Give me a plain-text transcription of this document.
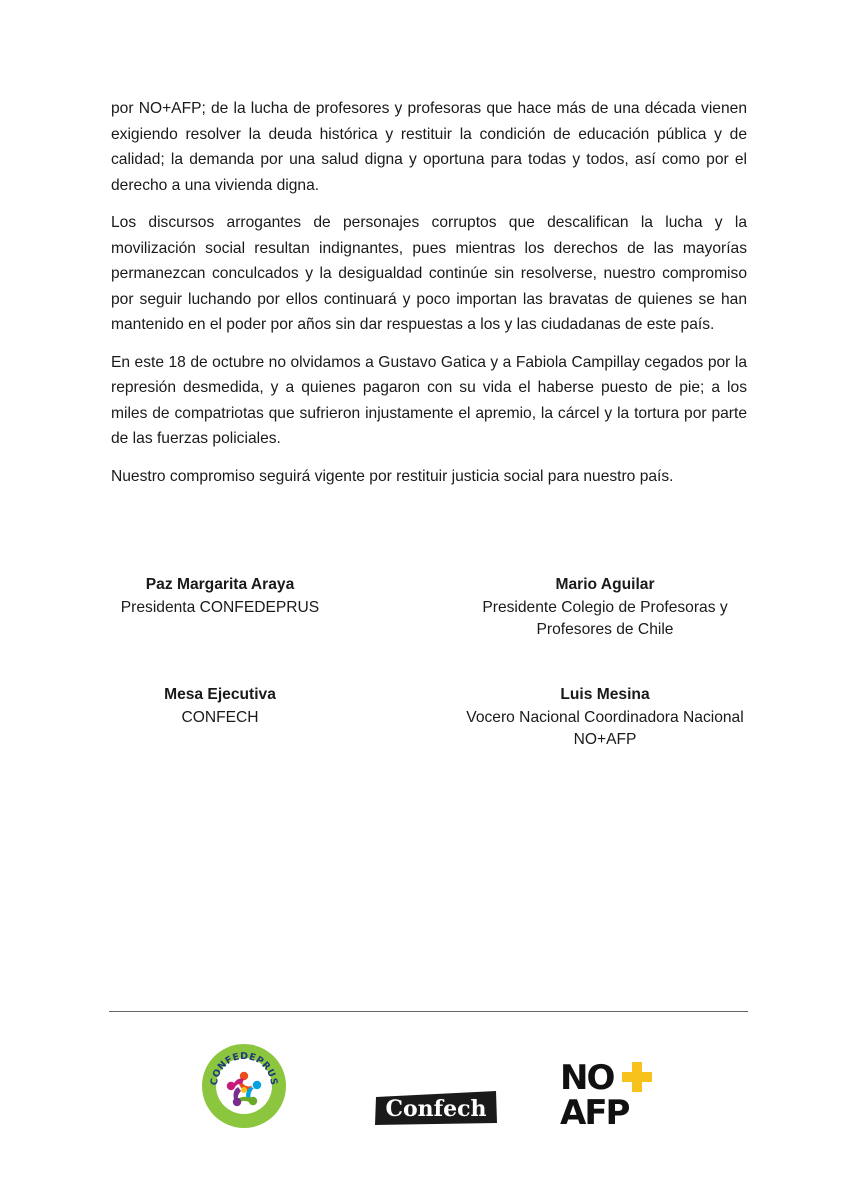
por NO+AFP; de la lucha de profesores y profesoras que hace más de una década vienen exigiendo resolver la deuda histórica y restituir la condición de educación pública y de calidad; la demanda por una salud digna y oportuna para todas y todos, así como por el derecho a una vivienda digna.

Los discursos arrogantes de personajes corruptos que descalifican la lucha y la movilización social resultan indignantes, pues mientras los derechos de las mayorías permanezcan conculcados y la desigualdad continúe sin resolverse, nuestro compromiso por seguir luchando por ellos continuará y poco importan las bravatas de quienes se han mantenido en el poder por años sin dar respuestas a los y las ciudadanas de este país.

En este 18 de octubre no olvidamos a Gustavo Gatica y a Fabiola Campillay cegados por la represión desmedida, y a quienes pagaron con su vida el haberse puesto de pie; a los miles de compatriotas que sufrieron injustamente el apremio, la cárcel y la tortura por parte de las fuerzas policiales.

Nuestro compromiso seguirá vigente por restituir justicia social para nuestro país.

Paz Margarita Araya
Presidenta CONFEDEPRUS
Mario Aguilar
Presidente Colegio de Profesoras y
Profesores de Chile
Mesa Ejecutiva
CONFECH
Luis Mesina
Vocero Nacional Coordinadora Nacional
NO+AFP
CONFEDEPRUS
Confech
NO
AFP
